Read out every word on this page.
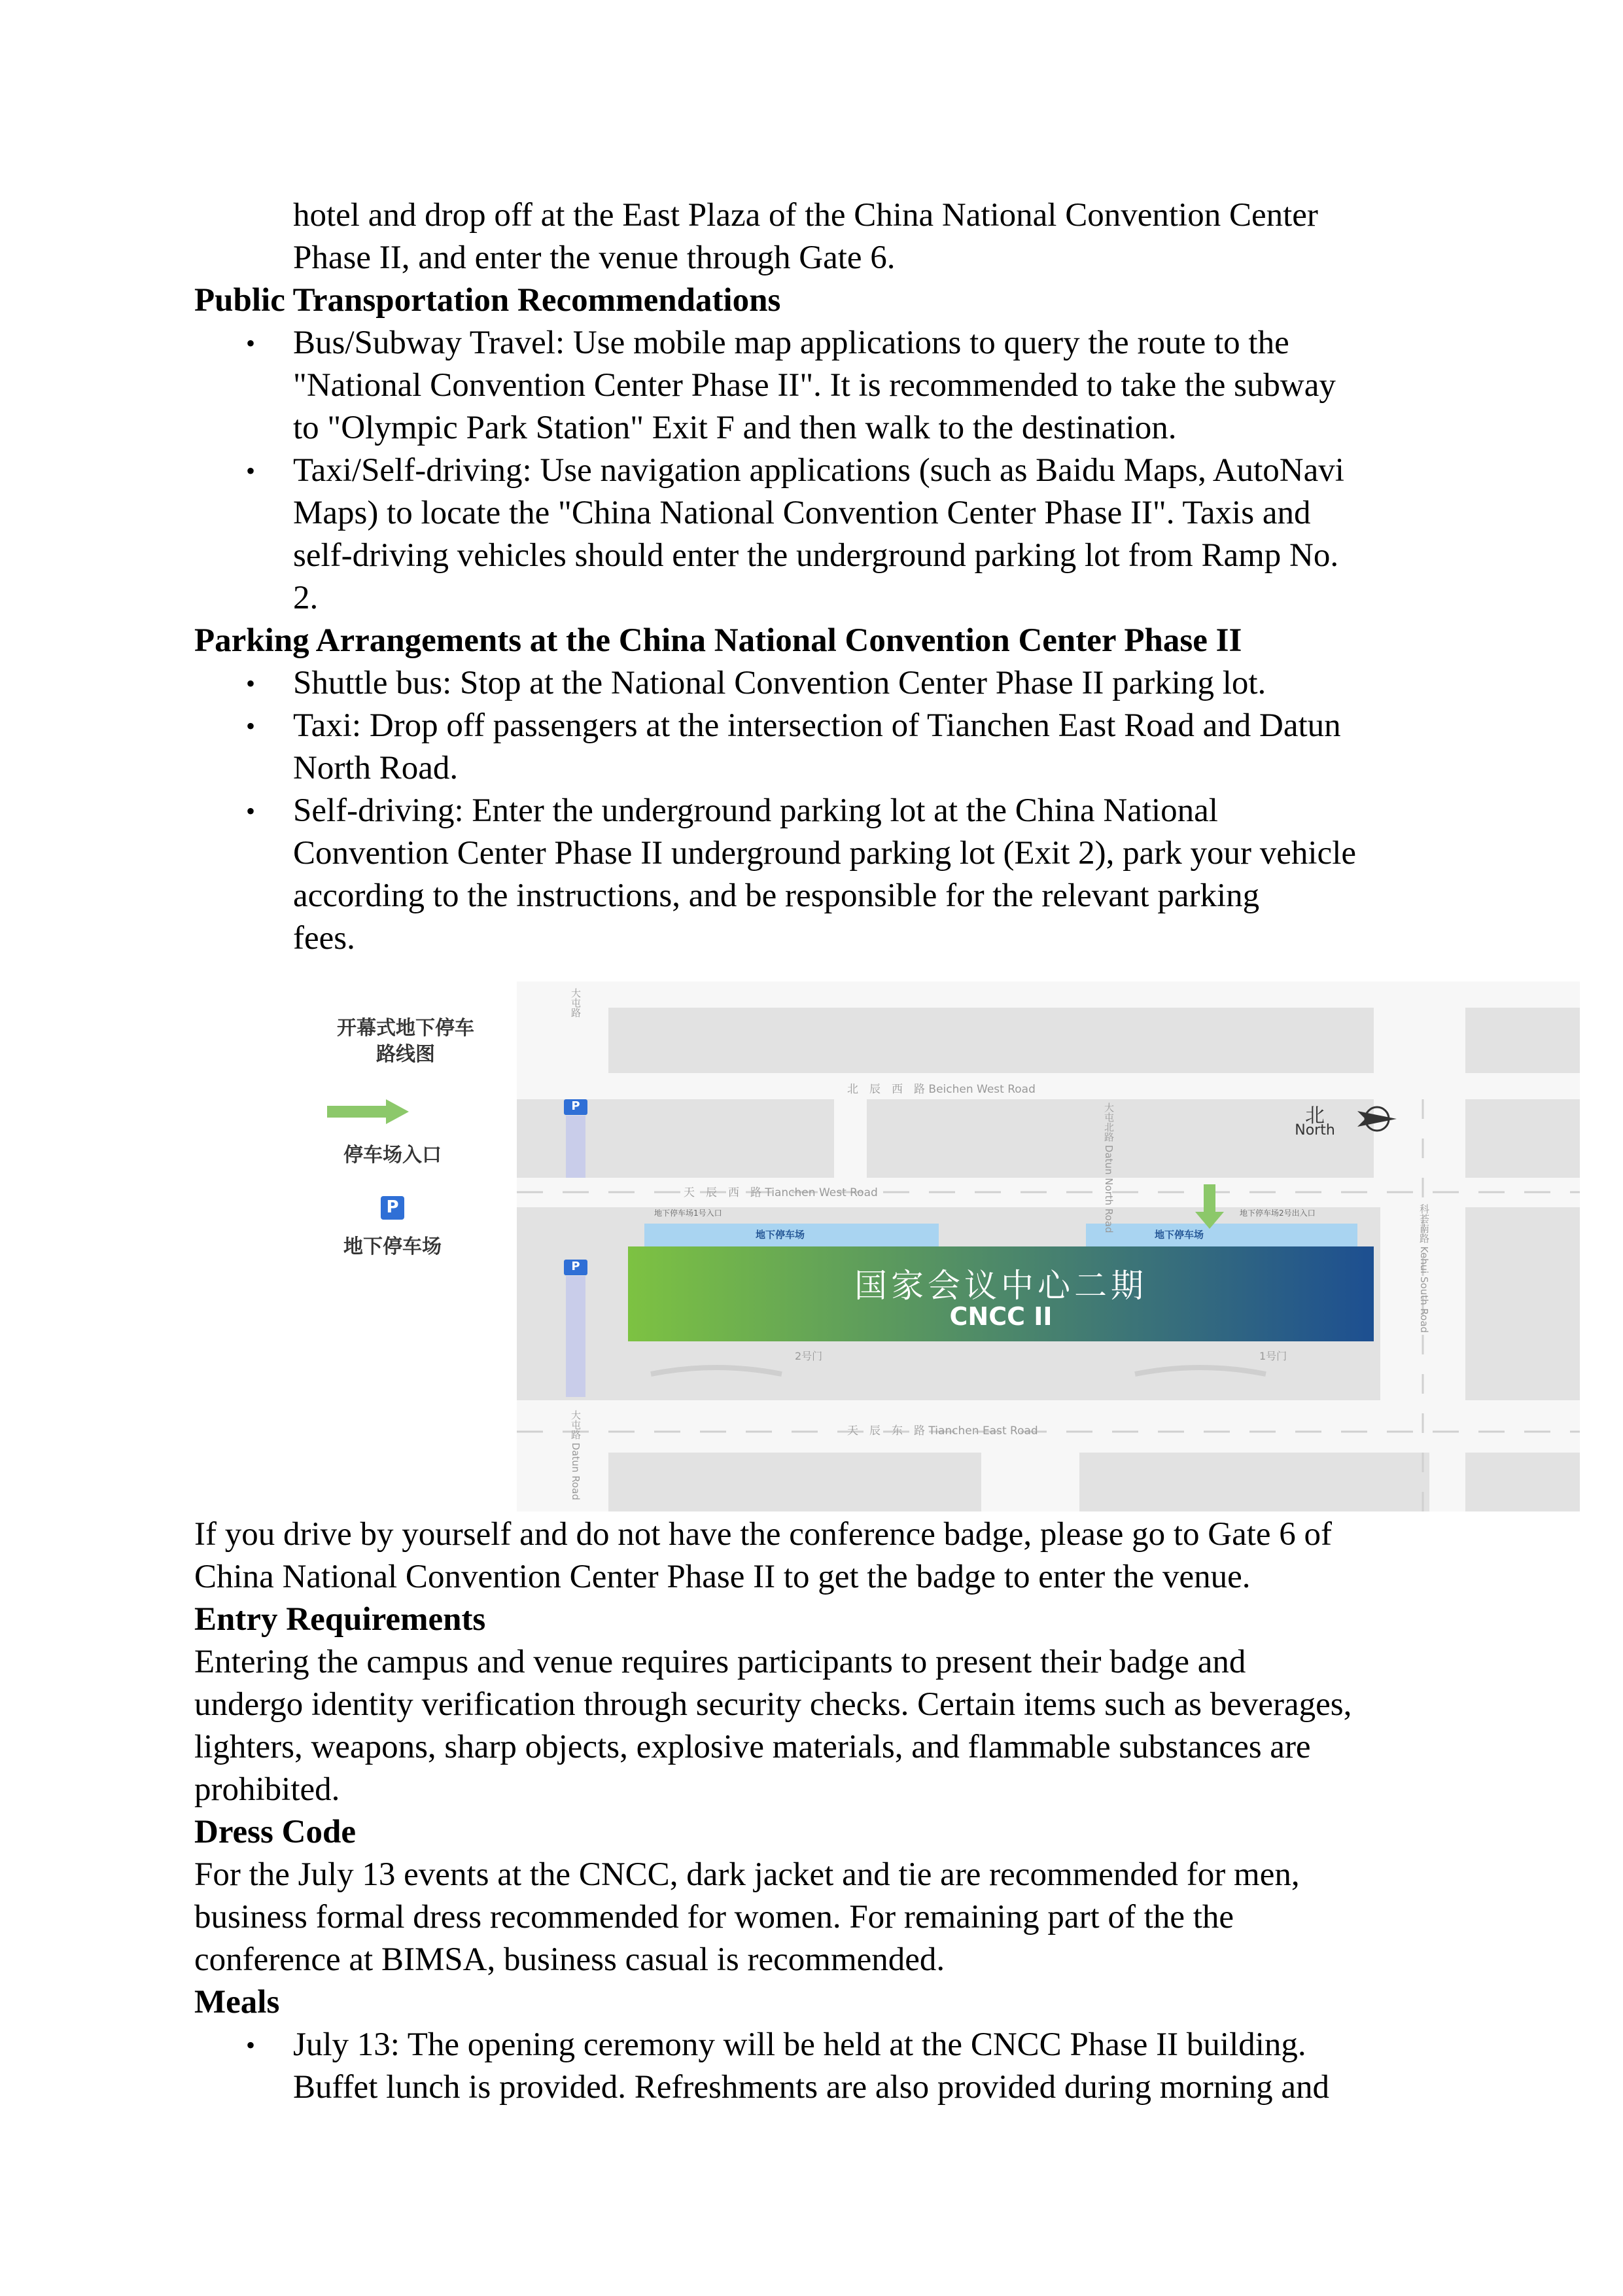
hotel and drop off at the East Plaza of the China National Convention Center

Phase II, and enter the venue through Gate 6.

Public Transportation Recommendations

• Bus/Subway Travel: Use mobile map applications to query the route to the

"National Convention Center Phase II". It is recommended to take the subway

to "Olympic Park Station" Exit F and then walk to the destination.

• Taxi/Self-driving: Use navigation applications (such as Baidu Maps, AutoNavi

Maps) to locate the "China National Convention Center Phase II". Taxis and

self-driving vehicles should enter the underground parking lot from Ramp No.

2.

Parking Arrangements at the China National Convention Center Phase II

• Shuttle bus: Stop at the National Convention Center Phase II parking lot.

• Taxi: Drop off passengers at the intersection of Tianchen East Road and Datun

North Road.

• Self-driving: Enter the underground parking lot at the China National

Convention Center Phase II underground parking lot (Exit 2), park your vehicle

according to the instructions, and be responsible for the relevant parking

fees.

开幕式地下停车
路线图
停车场入口
P
地下停车场
P
P
北　辰　西　路 Beichen West Road
天　辰　西　路 Tianchen West Road
天　辰　东　路 Tianchen East Road
大屯北路 Datun North Road
大屯路
大屯路 Datun Road
科荟南路 Kehui South Road
地下停车场1号入口	地下停车场2号出入口
地下停车场	地下停车场
国家会议中心二期
CNCC II
2号门	1号门
北
North

If you drive by yourself and do not have the conference badge, please go to Gate 6 of

China National Convention Center Phase II to get the badge to enter the venue.

Entry Requirements

Entering the campus and venue requires participants to present their badge and

undergo identity verification through security checks. Certain items such as beverages,

lighters, weapons, sharp objects, explosive materials, and flammable substances are

prohibited.

Dress Code

For the July 13 events at the CNCC, dark jacket and tie are recommended for men,

business formal dress recommended for women. For remaining part of the the

conference at BIMSA, business casual is recommended.

Meals

• July 13: The opening ceremony will be held at the CNCC Phase II building.

Buffet lunch is provided. Refreshments are also provided during morning and
